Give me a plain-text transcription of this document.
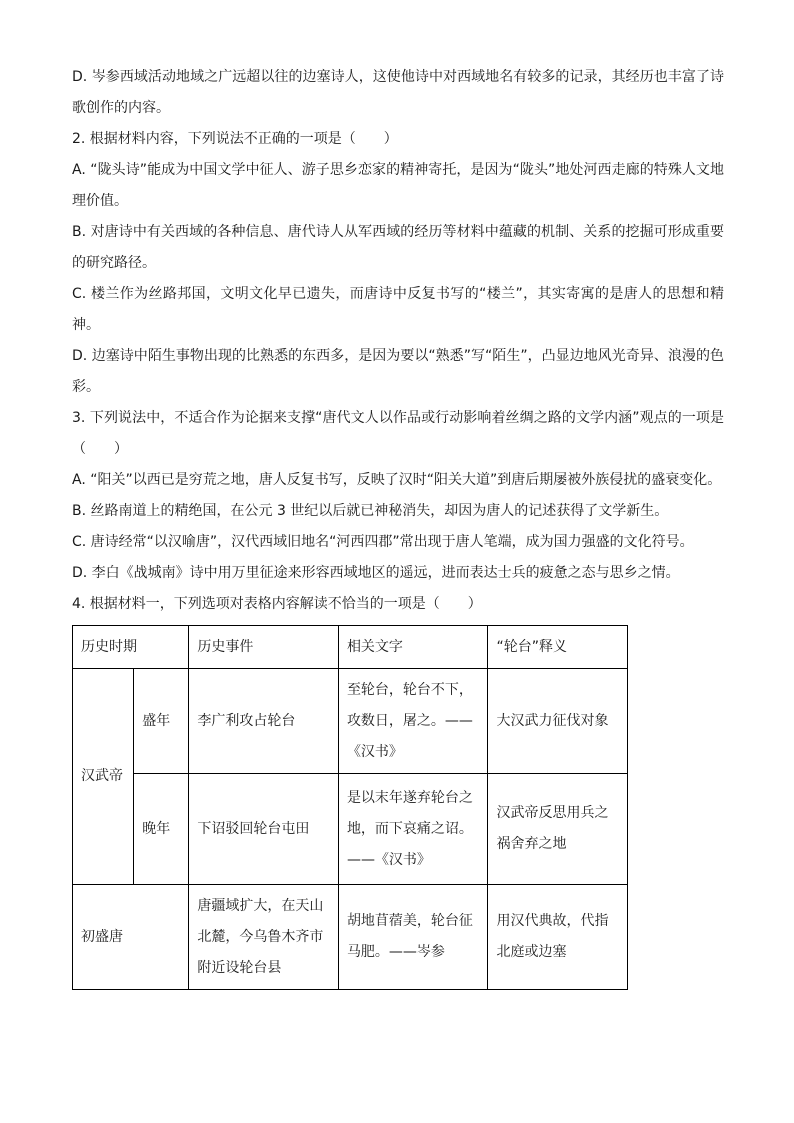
D. 岑参西域活动地域之广远超以往的边塞诗人，这使他诗中对西域地名有较多的记录，其经历也丰富了诗歌创作的内容。

2. 根据材料内容，下列说法不正确的一项是（　　）

A. “陇头诗”能成为中国文学中征人、游子思乡恋家的精神寄托，是因为“陇头”地处河西走廊的特殊人文地理价值。

B. 对唐诗中有关西域的各种信息、唐代诗人从军西域的经历等材料中蕴藏的机制、关系的挖掘可形成重要的研究路径。

C. 楼兰作为丝路邦国，文明文化早已遗失，而唐诗中反复书写的“楼兰”，其实寄寓的是唐人的思想和精神。

D. 边塞诗中陌生事物出现的比熟悉的东西多，是因为要以“熟悉”写“陌生”，凸显边地风光奇异、浪漫的色彩。

3. 下列说法中，不适合作为论据来支撑“唐代文人以作品或行动影响着丝绸之路的文学内涵”观点的一项是（　　）

A. “阳关”以西已是穷荒之地，唐人反复书写，反映了汉时“阳关大道”到唐后期屡被外族侵扰的盛衰变化。

B. 丝路南道上的精绝国，在公元 3 世纪以后就已神秘消失，却因为唐人的记述获得了文学新生。

C. 唐诗经常“以汉喻唐”，汉代西域旧地名“河西四郡”常出现于唐人笔端，成为国力强盛的文化符号。

D. 李白《战城南》诗中用万里征途来形容西域地区的遥远，进而表达士兵的疲惫之态与思乡之情。

4. 根据材料一，下列选项对表格内容解读不恰当的一项是（　　）

历史时期		历史事件	相关文字	“轮台”释义
汉武帝	盛年	李广利攻占轮台	至轮台，轮台不下，攻数日，屠之。——《汉书》	大汉武力征伐对象
	晚年	下诏驳回轮台屯田	是以末年遂弃轮台之地，而下哀痛之诏。——《汉书》	汉武帝反思用兵之祸舍弃之地
初盛唐		唐疆域扩大，在天山北麓，今乌鲁木齐市附近设轮台县	胡地苜蓿美，轮台征马肥。——岑参	用汉代典故，代指北庭或边塞
